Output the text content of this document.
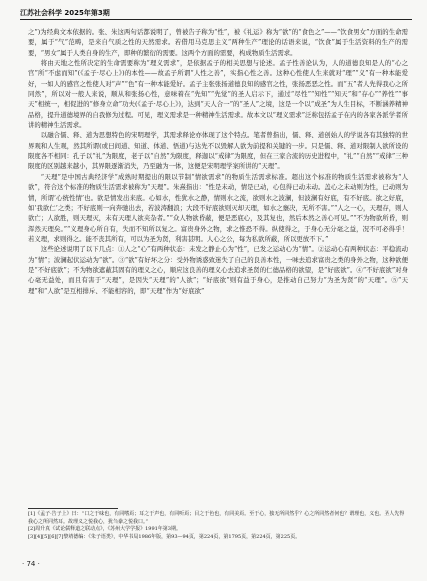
江苏社会科学 2025年第3期

之”)为经典文本依据的。张、朱这两句话都说明了，曾被告子称为“性”，被《礼运》称为“欲”的“食色之”——“饮食男女”方面的生命需要，属于“气”范畴，是来自气质之性的天然需求。若借用马克思主义“两种生产”理论的话语来说，“饮食”属于生活资料的生产的需要，“男女”属于人类自身的生产，即种的繁衍的需要。这两个方面的需要，构成物质生活需求。

将由天地之性所决定的生命需要称为“理义需求”，是依据孟子的相关思想与论述。孟子性善论认为，人的道德良知是人的“心之官”所“不虑而知”(《孟子·尽心上》)的本性——故孟子所谓“人性之善”，实指心性之善。这种心性使人生来就对“理”“义”有一种本能爱好，一如人的感官之性使人对“声”“色”有一种本能爱好。孟子主张张扬道德良知的感官之性，张扬恶恶之性。而“五”者人先得我心之所同然”，所以对一般人来说，顺从和张扬心性，意味着在“先知”“先觉”的圣人启示下，通过“尽性”“知性”“知天”和“存心”“养性”“事天”相统一，相促进的“修身立命”功夫(《孟子·尽心上》)，达到“天人合一”的“圣人”之境，这是一个以“成圣”为人生目标，不断涵养精神品格，提升道德境界的自我修为过程。可见，理义需求是一种精神生活需求。故本文以“理义需求”泛称包括孟子在内的各家各派学者所讲的精神生活需求。

以融合儒、释、道为思想特色的宋明理学，其需求释论亦体现了这个特点。笔者曾指出，儒、释、道创始人的学说各有其独特的世界观和人生观，然其所谓(或曰间道、知道、体道、悟道)与达先不以毁解人欲为前提和关键的一步。只是儒、释、道对限制人欲所设的限度各不相同：孔子以“礼”为限度，老子以“自然”为限度，释迦以“戒律”为限度，但在三家合流的历史进程中，“礼”“自然”“戒律”三种限度的区别越来越小，其界限逐渐消失，乃至融为一体，这便是宋明理学案所讲的“天理”。

“天理”是中国古典经济学“成熟时期提出的限以节制“情欲需求”的物质生活需求标准。超出这个标准的物质生活需求被称为“人欲”，符合这个标准的物质生活需求被称为“天理”。朱熹指出：“性是未动，情是已动，心包得已动未动。盖心之未动则为性，已动则为情，所谓‘心统性情’也。欲是情发出来底。心如水，性犹水之静，情则水之流，欲则水之波澜，但波澜有好底，有不好底。欲之好底，如‘我欲仁’之类；不好底则一向奔驰出去，若波涛翻浪；大段不好底欲则灭却天理，如水之壅决，无所不害。”“人之一心，天理存，则人欲亡；人欲胜，则天理灭，未有天理人欲夹杂者。”“众人物欲昏蔽，便是恶底心，及其复也，然后本然之善心可见。”“不为物欲所昏，则浑然天理矣。”“义理身心所自有，失而不知所以复之。富贵身外之物，求之惟恐不得。纵使得之，于身心无分毫之益，况不可必得乎！若义理，求则得之。能不丧其所有，可以为圣为贤，利害甚明。人心之公，每为私欲所蔽，所以更放不下。”

这些论述说明了以下几点：①人之“心”有两种状态：未发之静止心为“性”，已发之运动心为“情”。②运动心有两种状态：平稳流动为“情”；波澜起伏运动为“欲”。③“欲”有好坏之分：受外物诱惑致迷失了自己的良善本性，一味去追求富贵之类的身外之物，这种欲便是“不好底欲”；不为物欲遮蔽其固有的理义之心，顺应这良善的理义心去追求圣贤的仁德品格的欲望，是“好底欲”。④“不好底欲”对身心毫无益处，而且有害于“天理”，是因失“天理”的“人欲”；“好底欲”则有益于身心，是推动自己努力“为圣为贤”的“天理”。⑤“天理”和“人欲”是互相排斥、不能相容的，即“天理”作为“好底欲”

[1]《孟子·告子上》曰：“口之于味也，有同嗜焉；耳之于声也，有同听焉；目之于色也，有同美焉。至于心，独无所同然乎？心之所同然者何也？谓理也，义也。圣人先得我心之所同然耳。故理义之悦我心，犹刍豢之悦我口。”

[2]周升真《试论儒释道之联动点》，《苏州大学学报》1991年第3期。

[3][4][5][6][7]黎靖德编：《朱子语类》，中华书局1986年版，第93—94页，第224页，第1795页，第224页，第225页。

· 74 ·
